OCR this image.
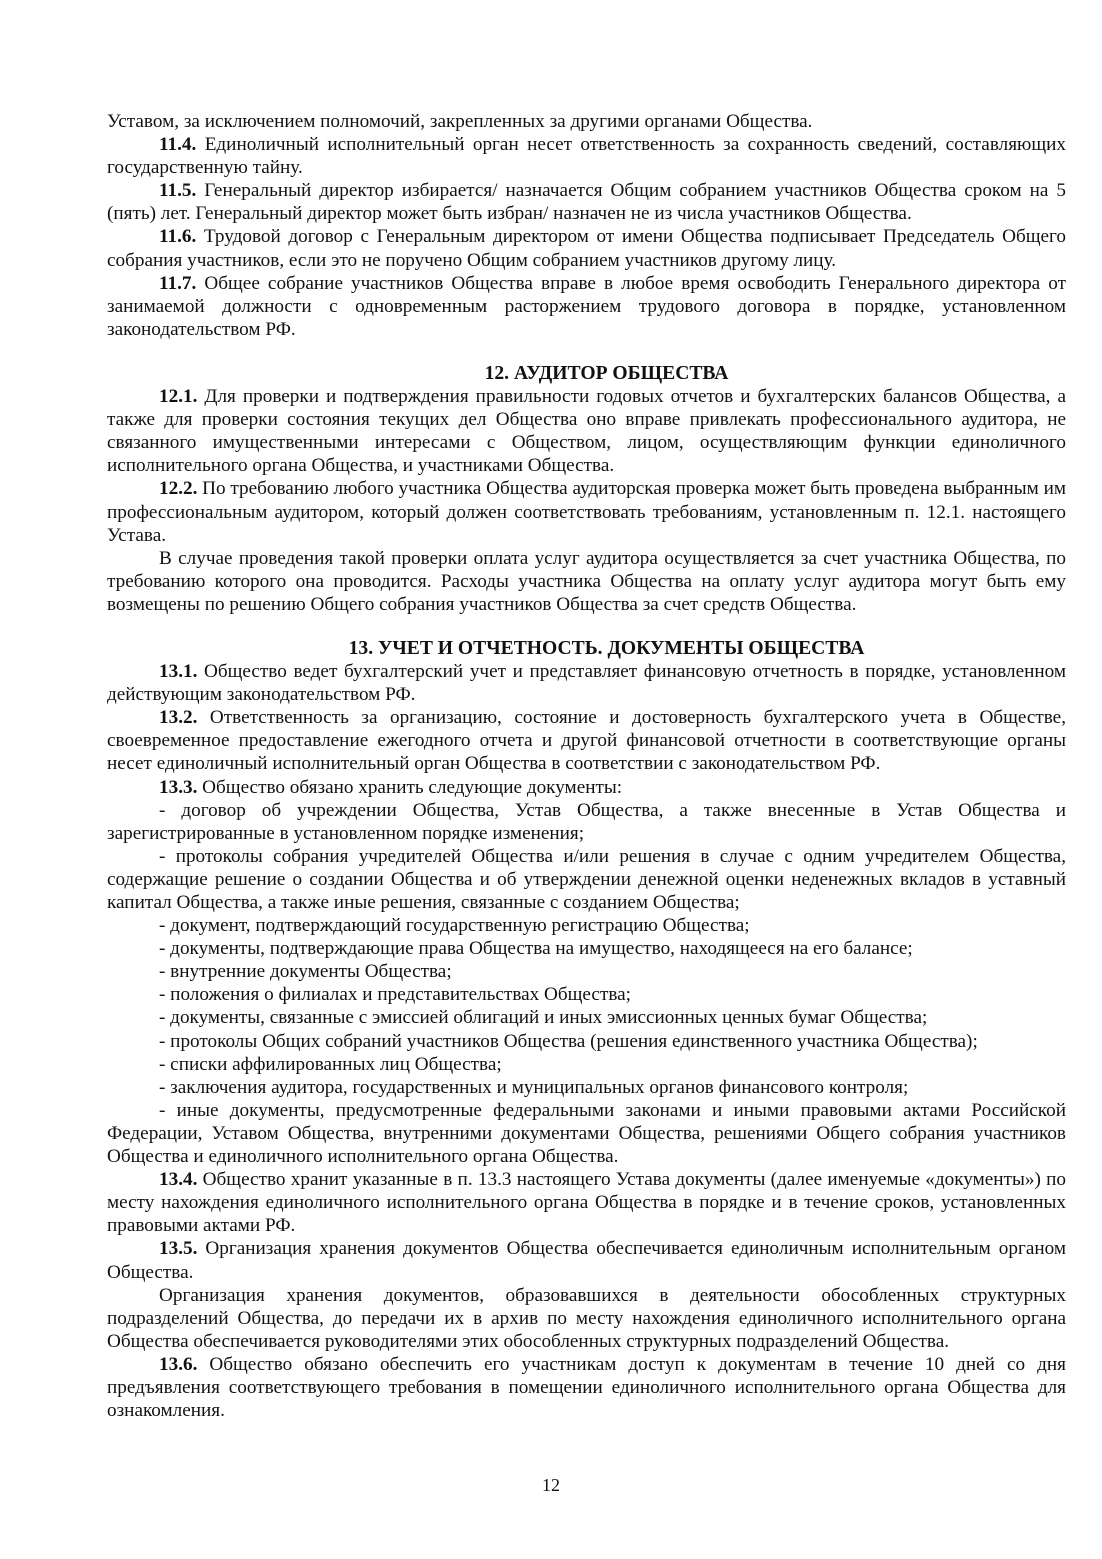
Уставом, за исключением полномочий, закрепленных за другими органами Общества.

11.4. Единоличный исполнительный орган несет ответственность за сохранность сведений, составляющих государственную тайну.

11.5. Генеральный директор избирается/ назначается Общим собранием участников Общества сроком на 5 (пять) лет. Генеральный директор может быть избран/ назначен не из числа участников Общества.

11.6. Трудовой договор с Генеральным директором от имени Общества подписывает Председатель Общего собрания участников, если это не поручено Общим собранием участников другому лицу.

11.7. Общее собрание участников Общества вправе в любое время освободить Генерального директора от занимаемой должности с одновременным расторжением трудового договора в порядке, установленном законодательством РФ.

12. АУДИТОР ОБЩЕСТВА

12.1. Для проверки и подтверждения правильности годовых отчетов и бухгалтерских балансов Общества, а также для проверки состояния текущих дел Общества оно вправе привлекать профессионального аудитора, не связанного имущественными интересами с Обществом, лицом, осуществляющим функции единоличного исполнительного органа Общества, и участниками Общества.

12.2. По требованию любого участника Общества аудиторская проверка может быть проведена выбранным им профессиональным аудитором, который должен соответствовать требованиям, установленным п. 12.1. настоящего Устава.

В случае проведения такой проверки оплата услуг аудитора осуществляется за счет участника Общества, по требованию которого она проводится. Расходы участника Общества на оплату услуг аудитора могут быть ему возмещены по решению Общего собрания участников Общества за счет средств Общества.

13. УЧЕТ И ОТЧЕТНОСТЬ. ДОКУМЕНТЫ ОБЩЕСТВА

13.1. Общество ведет бухгалтерский учет и представляет финансовую отчетность в порядке, установленном действующим законодательством РФ.

13.2. Ответственность за организацию, состояние и достоверность бухгалтерского учета в Обществе, своевременное предоставление ежегодного отчета и другой финансовой отчетности в соответствующие органы несет единоличный исполнительный орган Общества в соответствии с законодательством РФ.

13.3. Общество обязано хранить следующие документы:

- договор об учреждении Общества, Устав Общества, а также внесенные в Устав Общества и зарегистрированные в установленном порядке изменения;

- протоколы собрания учредителей Общества и/или решения в случае с одним учредителем Общества, содержащие решение о создании Общества и об утверждении денежной оценки неденежных вкладов в уставный капитал Общества, а также иные решения, связанные с созданием Общества;

- документ, подтверждающий государственную регистрацию Общества;

- документы, подтверждающие права Общества на имущество, находящееся на его балансе;

- внутренние документы Общества;

- положения о филиалах и представительствах Общества;

- документы, связанные с эмиссией облигаций и иных эмиссионных ценных бумаг Общества;

- протоколы Общих собраний участников Общества (решения единственного участника Общества);

- списки аффилированных лиц Общества;

- заключения аудитора, государственных и муниципальных органов финансового контроля;

- иные документы, предусмотренные федеральными законами и иными правовыми актами Российской Федерации, Уставом Общества, внутренними документами Общества, решениями Общего собрания участников Общества и единоличного исполнительного органа Общества.

13.4. Общество хранит указанные в п. 13.3 настоящего Устава документы (далее именуемые «документы») по месту нахождения единоличного исполнительного органа Общества в порядке и в течение сроков, установленных правовыми актами РФ.

13.5. Организация хранения документов Общества обеспечивается единоличным исполнительным органом Общества.

Организация хранения документов, образовавшихся в деятельности обособленных структурных подразделений Общества, до передачи их в архив по месту нахождения единоличного исполнительного органа Общества обеспечивается руководителями этих обособленных структурных подразделений Общества.

13.6. Общество обязано обеспечить его участникам доступ к документам в течение 10 дней со дня предъявления соответствующего требования в помещении единоличного исполнительного органа Общества для ознакомления.

12
